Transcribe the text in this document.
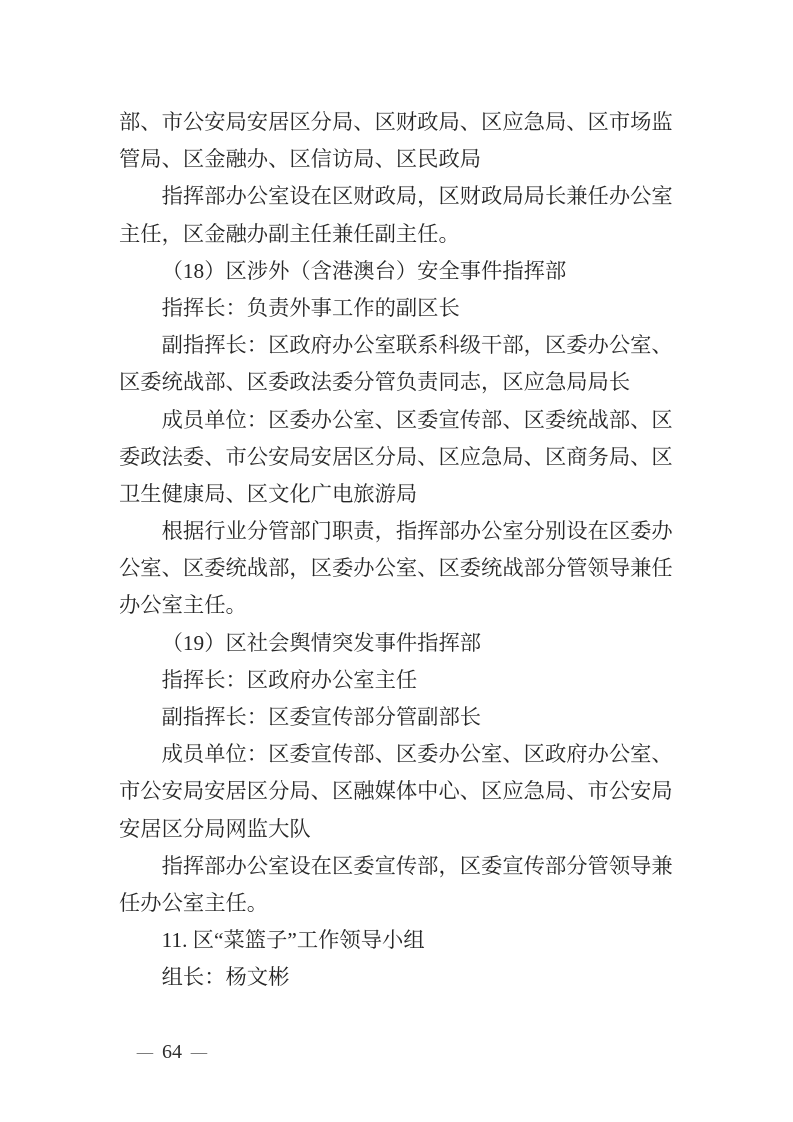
部、市公安局安居区分局、区财政局、区应急局、区市场监
管局、区金融办、区信访局、区民政局
指挥部办公室设在区财政局，区财政局局长兼任办公室
主任，区金融办副主任兼任副主任。
（18）区涉外（含港澳台）安全事件指挥部
指挥长：负责外事工作的副区长
副指挥长：区政府办公室联系科级干部，区委办公室、
区委统战部、区委政法委分管负责同志，区应急局局长
成员单位：区委办公室、区委宣传部、区委统战部、区
委政法委、市公安局安居区分局、区应急局、区商务局、区
卫生健康局、区文化广电旅游局
根据行业分管部门职责，指挥部办公室分别设在区委办
公室、区委统战部，区委办公室、区委统战部分管领导兼任
办公室主任。
（19）区社会舆情突发事件指挥部
指挥长：区政府办公室主任
副指挥长：区委宣传部分管副部长
成员单位：区委宣传部、区委办公室、区政府办公室、
市公安局安居区分局、区融媒体中心、区应急局、市公安局
安居区分局网监大队
指挥部办公室设在区委宣传部，区委宣传部分管领导兼
任办公室主任。
11. 区“菜篮子”工作领导小组
组长：杨文彬
— 64 —
